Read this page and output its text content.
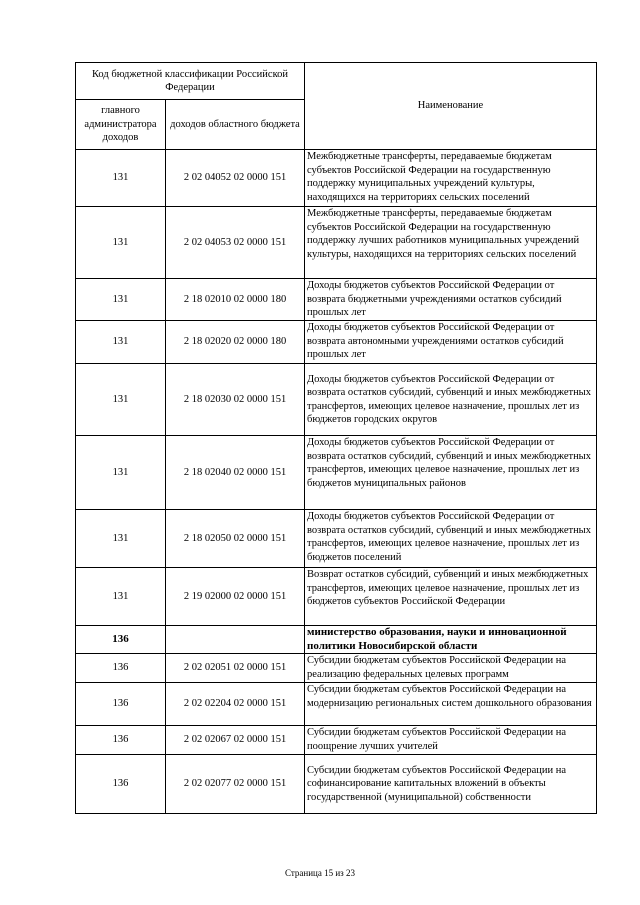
Код бюджетной классификации Российской Федерации		Наименование
главного администратора доходов	доходов областного бюджета	
131	2 02 04052 02 0000 151	Межбюджетные трансферты, передаваемые бюджетам субъектов Российской Федерации на государственную поддержку муниципальных учреждений культуры, находящихся на территориях сельских поселений
131	2 02 04053 02 0000 151	Межбюджетные трансферты, передаваемые бюджетам субъектов Российской Федерации на государственную поддержку лучших работников муниципальных учреждений культуры, находящихся на территориях сельских поселений
131	2 18 02010 02 0000 180	Доходы бюджетов субъектов Российской Федерации от возврата бюджетными учреждениями остатков субсидий прошлых лет
131	2 18 02020 02 0000 180	Доходы бюджетов субъектов Российской Федерации от возврата автономными учреждениями остатков субсидий прошлых лет
131	2 18 02030 02 0000 151	Доходы бюджетов субъектов Российской Федерации от возврата остатков субсидий, субвенций и иных межбюджетных трансфертов, имеющих целевое назначение, прошлых лет из бюджетов городских округов
131	2 18 02040 02 0000 151	Доходы бюджетов субъектов Российской Федерации от возврата остатков субсидий, субвенций и иных межбюджетных трансфертов, имеющих целевое назначение, прошлых лет из бюджетов муниципальных районов
131	2 18 02050 02 0000 151	Доходы бюджетов субъектов Российской Федерации от возврата остатков субсидий, субвенций и иных межбюджетных трансфертов, имеющих целевое назначение, прошлых лет из бюджетов поселений
131	2 19 02000 02 0000 151	Возврат остатков субсидий, субвенций и иных межбюджетных трансфертов, имеющих целевое назначение, прошлых лет из бюджетов субъектов Российской Федерации
136		министерство образования, науки и инновационной политики Новосибирской области
136	2 02 02051 02 0000 151	Субсидии бюджетам субъектов Российской Федерации на реализацию федеральных целевых программ
136	2 02 02204 02 0000 151	Субсидии бюджетам субъектов Российской Федерации на модернизацию региональных систем дошкольного образования
136	2 02 02067 02 0000 151	Субсидии бюджетам субъектов Российской Федерации на поощрение лучших учителей
136	2 02 02077 02 0000 151	Субсидии бюджетам субъектов Российской Федерации на софинансирование капитальных вложений в объекты государственной (муниципальной) собственности
Страница 15 из 23
